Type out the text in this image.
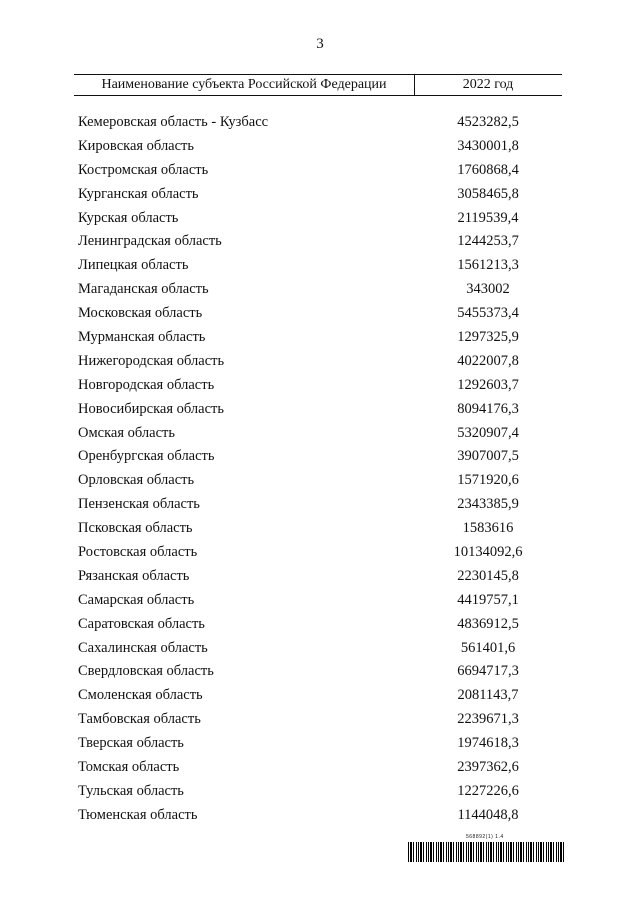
3
Наименование субъекта Российской Федерации	2022 год
Кемеровская область - Кузбасс	4523282,5
Кировская область	3430001,8
Костромская область	1760868,4
Курганская область	3058465,8
Курская область	2119539,4
Ленинградская область	1244253,7
Липецкая область	1561213,3
Магаданская область	343002
Московская область	5455373,4
Мурманская область	1297325,9
Нижегородская область	4022007,8
Новгородская область	1292603,7
Новосибирская область	8094176,3
Омская область	5320907,4
Оренбургская область	3907007,5
Орловская область	1571920,6
Пензенская область	2343385,9
Псковская область	1583616
Ростовская область	10134092,6
Рязанская область	2230145,8
Самарская область	4419757,1
Саратовская область	4836912,5
Сахалинская область	561401,6
Свердловская область	6694717,3
Смоленская область	2081143,7
Тамбовская область	2239671,3
Тверская область	1974618,3
Томская область	2397362,6
Тульская область	1227226,6
Тюменская область	1144048,8
568892(1) 1.4
